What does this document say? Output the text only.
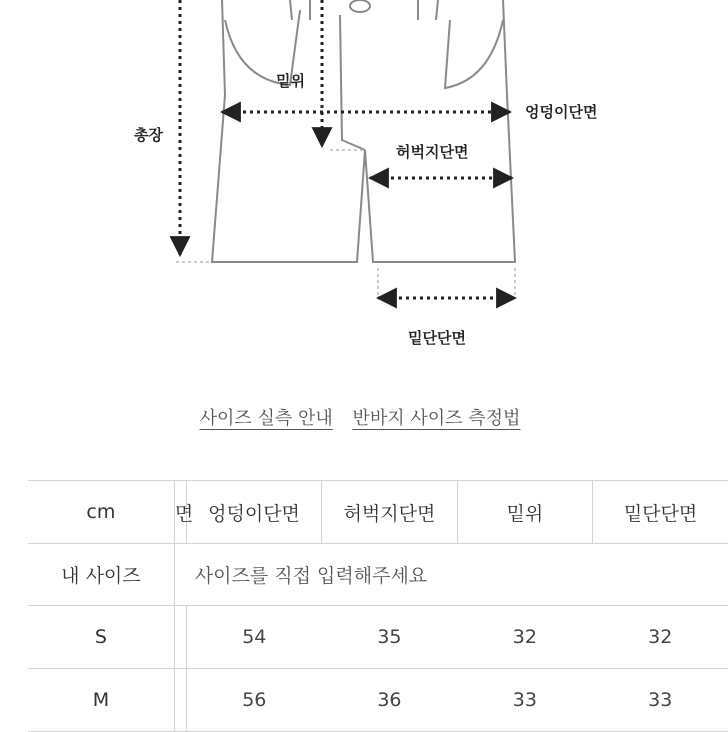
밑위
엉덩이단면
총장
허벅지단면
밑단단면
사이즈 실측 안내 반바지 사이즈 측정법
cm	면	엉덩이단면	허벅지단면	밑위	밑단단면
내 사이즈	사이즈를 직접 입력해주세요				
S		54	35	32	32
M		56	36	33	33
